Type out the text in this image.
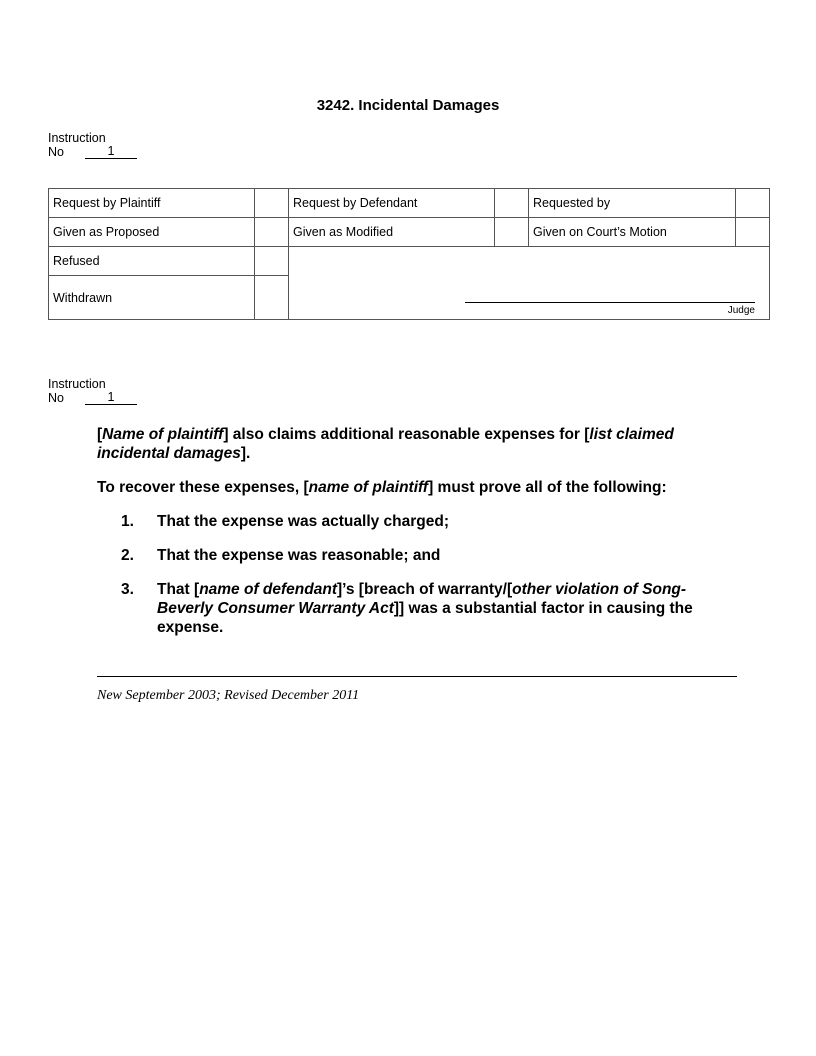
3242. Incidental Damages
Instruction
No	1
Request by Plaintiff		Request by Defendant		Requested by	
Given as Proposed		Given as Modified		Given on Court’s Motion	
Refused		Judge			

Withdrawn					
Instruction
No	1

[Name of plaintiff] also claims additional reasonable expenses for [list claimed incidental damages].

To recover these expenses, [name of plaintiff] must prove all of the following:

1.	That the expense was actually charged;
2.	That the expense was reasonable; and
3.	That [name of defendant]’s [breach of warranty/[other violation of Song-Beverly Consumer Warranty Act]] was a substantial factor in causing the expense.
New September 2003; Revised December 2011
